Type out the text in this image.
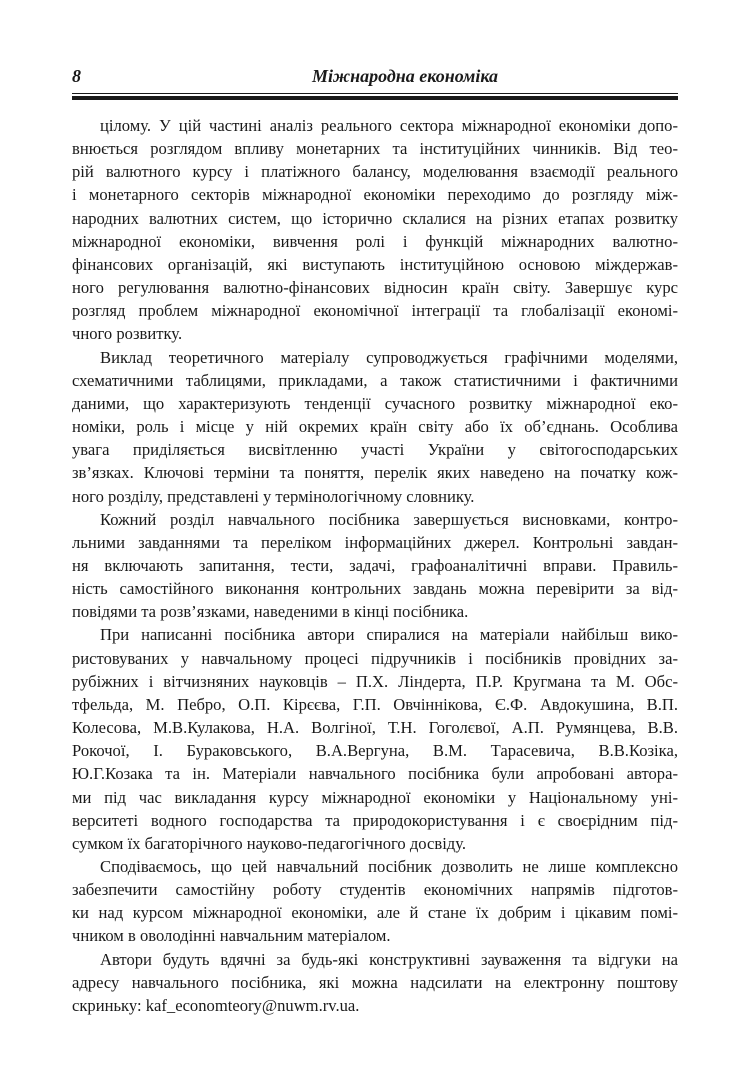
8	Міжнародна економіка
цілому. У цій частині аналіз реального сектора міжнародної економіки допо-
внюється розглядом впливу монетарних та інституційних чинників. Від тео-
рій валютного курсу і платіжного балансу, моделювання взаємодії реального
і монетарного секторів міжнародної економіки переходимо до розгляду між-
народних валютних систем, що історично склалися на різних етапах розвитку
міжнародної економіки, вивчення ролі і функцій міжнародних валютно-
фінансових організацій, які виступають інституційною основою міждержав-
ного регулювання валютно-фінансових відносин країн світу. Завершує курс
розгляд проблем міжнародної економічної інтеграції та глобалізації економі-
чного розвитку.
Виклад теоретичного матеріалу супроводжується графічними моделями,
схематичними таблицями, прикладами, а також статистичними і фактичними
даними, що характеризують тенденції сучасного розвитку міжнародної еко-
номіки, роль і місце у ній окремих країн світу або їх об’єднань. Особлива
увага приділяється висвітленню участі України у світогосподарських
зв’язках. Ключові терміни та поняття, перелік яких наведено на початку кож-
ного розділу, представлені у термінологічному словнику.
Кожний розділ навчального посібника завершується висновками, контро-
льними завданнями та переліком інформаційних джерел. Контрольні завдан-
ня включають запитання, тести, задачі, графоаналітичні вправи. Правиль-
ність самостійного виконання контрольних завдань можна перевірити за від-
повідями та розв’язками, наведеними в кінці посібника.
При написанні посібника автори спиралися на матеріали найбільш вико-
ристовуваних у навчальному процесі підручників і посібників провідних за-
рубіжних і вітчизняних науковців – П.Х. Ліндерта, П.Р. Кругмана та М. Обс-
тфельда, М. Пебро, О.П. Кірєєва, Г.П. Овчіннікова, Є.Ф. Авдокушина, В.П.
Колесова, М.В.Кулакова, Н.А. Волгіної, Т.Н. Гоголєвої, А.П. Румянцева, В.В.
Рокочої, І. Бураковського, В.А.Вергуна, В.М. Тарасевича, В.В.Козіка,
Ю.Г.Козака та ін. Матеріали навчального посібника були апробовані автора-
ми під час викладання курсу міжнародної економіки у Національному уні-
верситеті водного господарства та природокористування і є своєрідним під-
сумком їх багаторічного науково-педагогічного досвіду.
Сподіваємось, що цей навчальний посібник дозволить не лише комплексно
забезпечити самостійну роботу студентів економічних напрямів підготов-
ки над курсом міжнародної економіки, але й стане їх добрим і цікавим помі-
чником в оволодінні навчальним матеріалом.
Автори будуть вдячні за будь-які конструктивні зауваження та відгуки на
адресу навчального посібника, які можна надсилати на електронну поштову
скриньку: kaf_economteory@nuwm.rv.ua.
